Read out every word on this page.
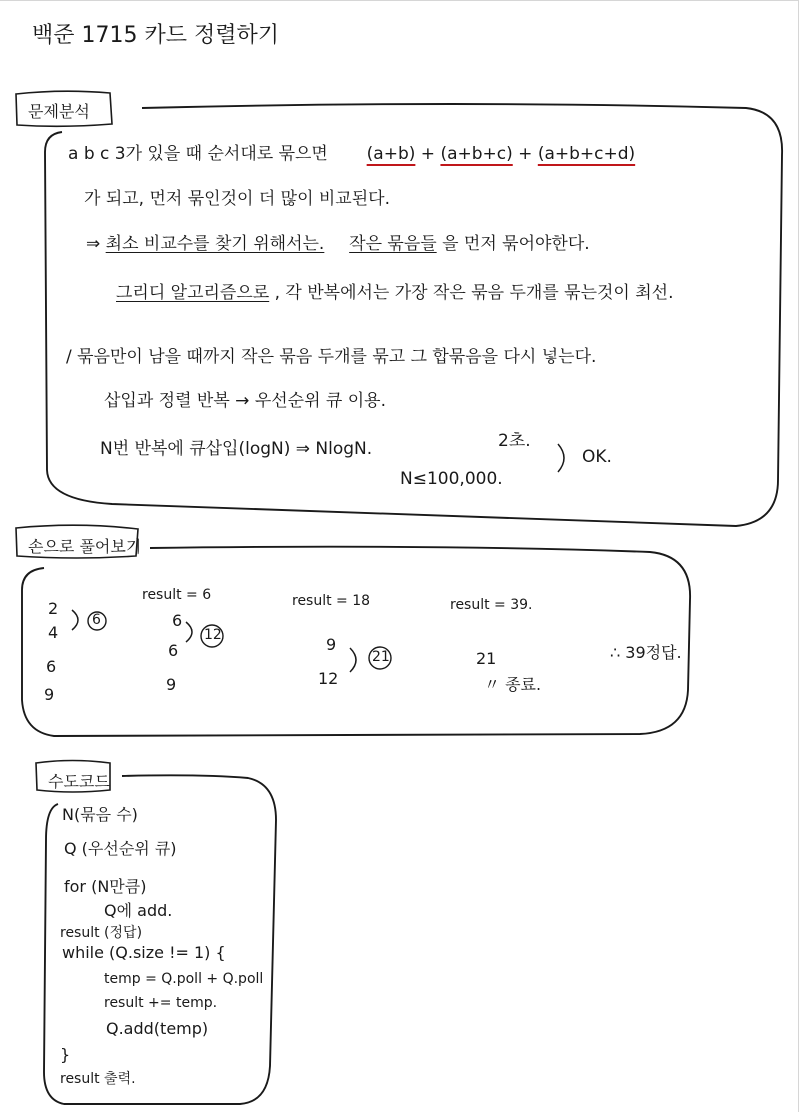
백준 1715 카드 정렬하기
문제분석
a b c 3가 있을 때 순서대로 묶으면 (a+b) + (a+b+c) + (a+b+c+d)
가 되고, 먼저 묶인것이 더 많이 비교된다.
⇒ 최소 비교수를 찾기 위해서는. 작은 묶음들 을 먼저 묶어야한다.
그리디 알고리즘으로 , 각 반복에서는 가장 작은 묶음 두개를 묶는것이 최선.
/ 묶음만이 남을 때까지 작은 묶음 두개를 묶고 그 합묶음을 다시 넣는다.
삽입과 정렬 반복 → 우선순위 큐 이용.
N번 반복에 큐삽입(logN) ⇒ NlogN.	2초.
N≤100,000.
OK.
손으로 풀어보기
2
4
6
6
9
result = 6
6
6
12
9
result = 18
9
12
21
result = 39.
21
〃 종료.
∴ 39정답.
수도코드
N(묶음 수)
Q (우선순위 큐)
for (N만큼)
Q에 add.
result (정답)
while (Q.size != 1) {
temp = Q.poll + Q.poll
result += temp.
Q.add(temp)
}
result 출력.
